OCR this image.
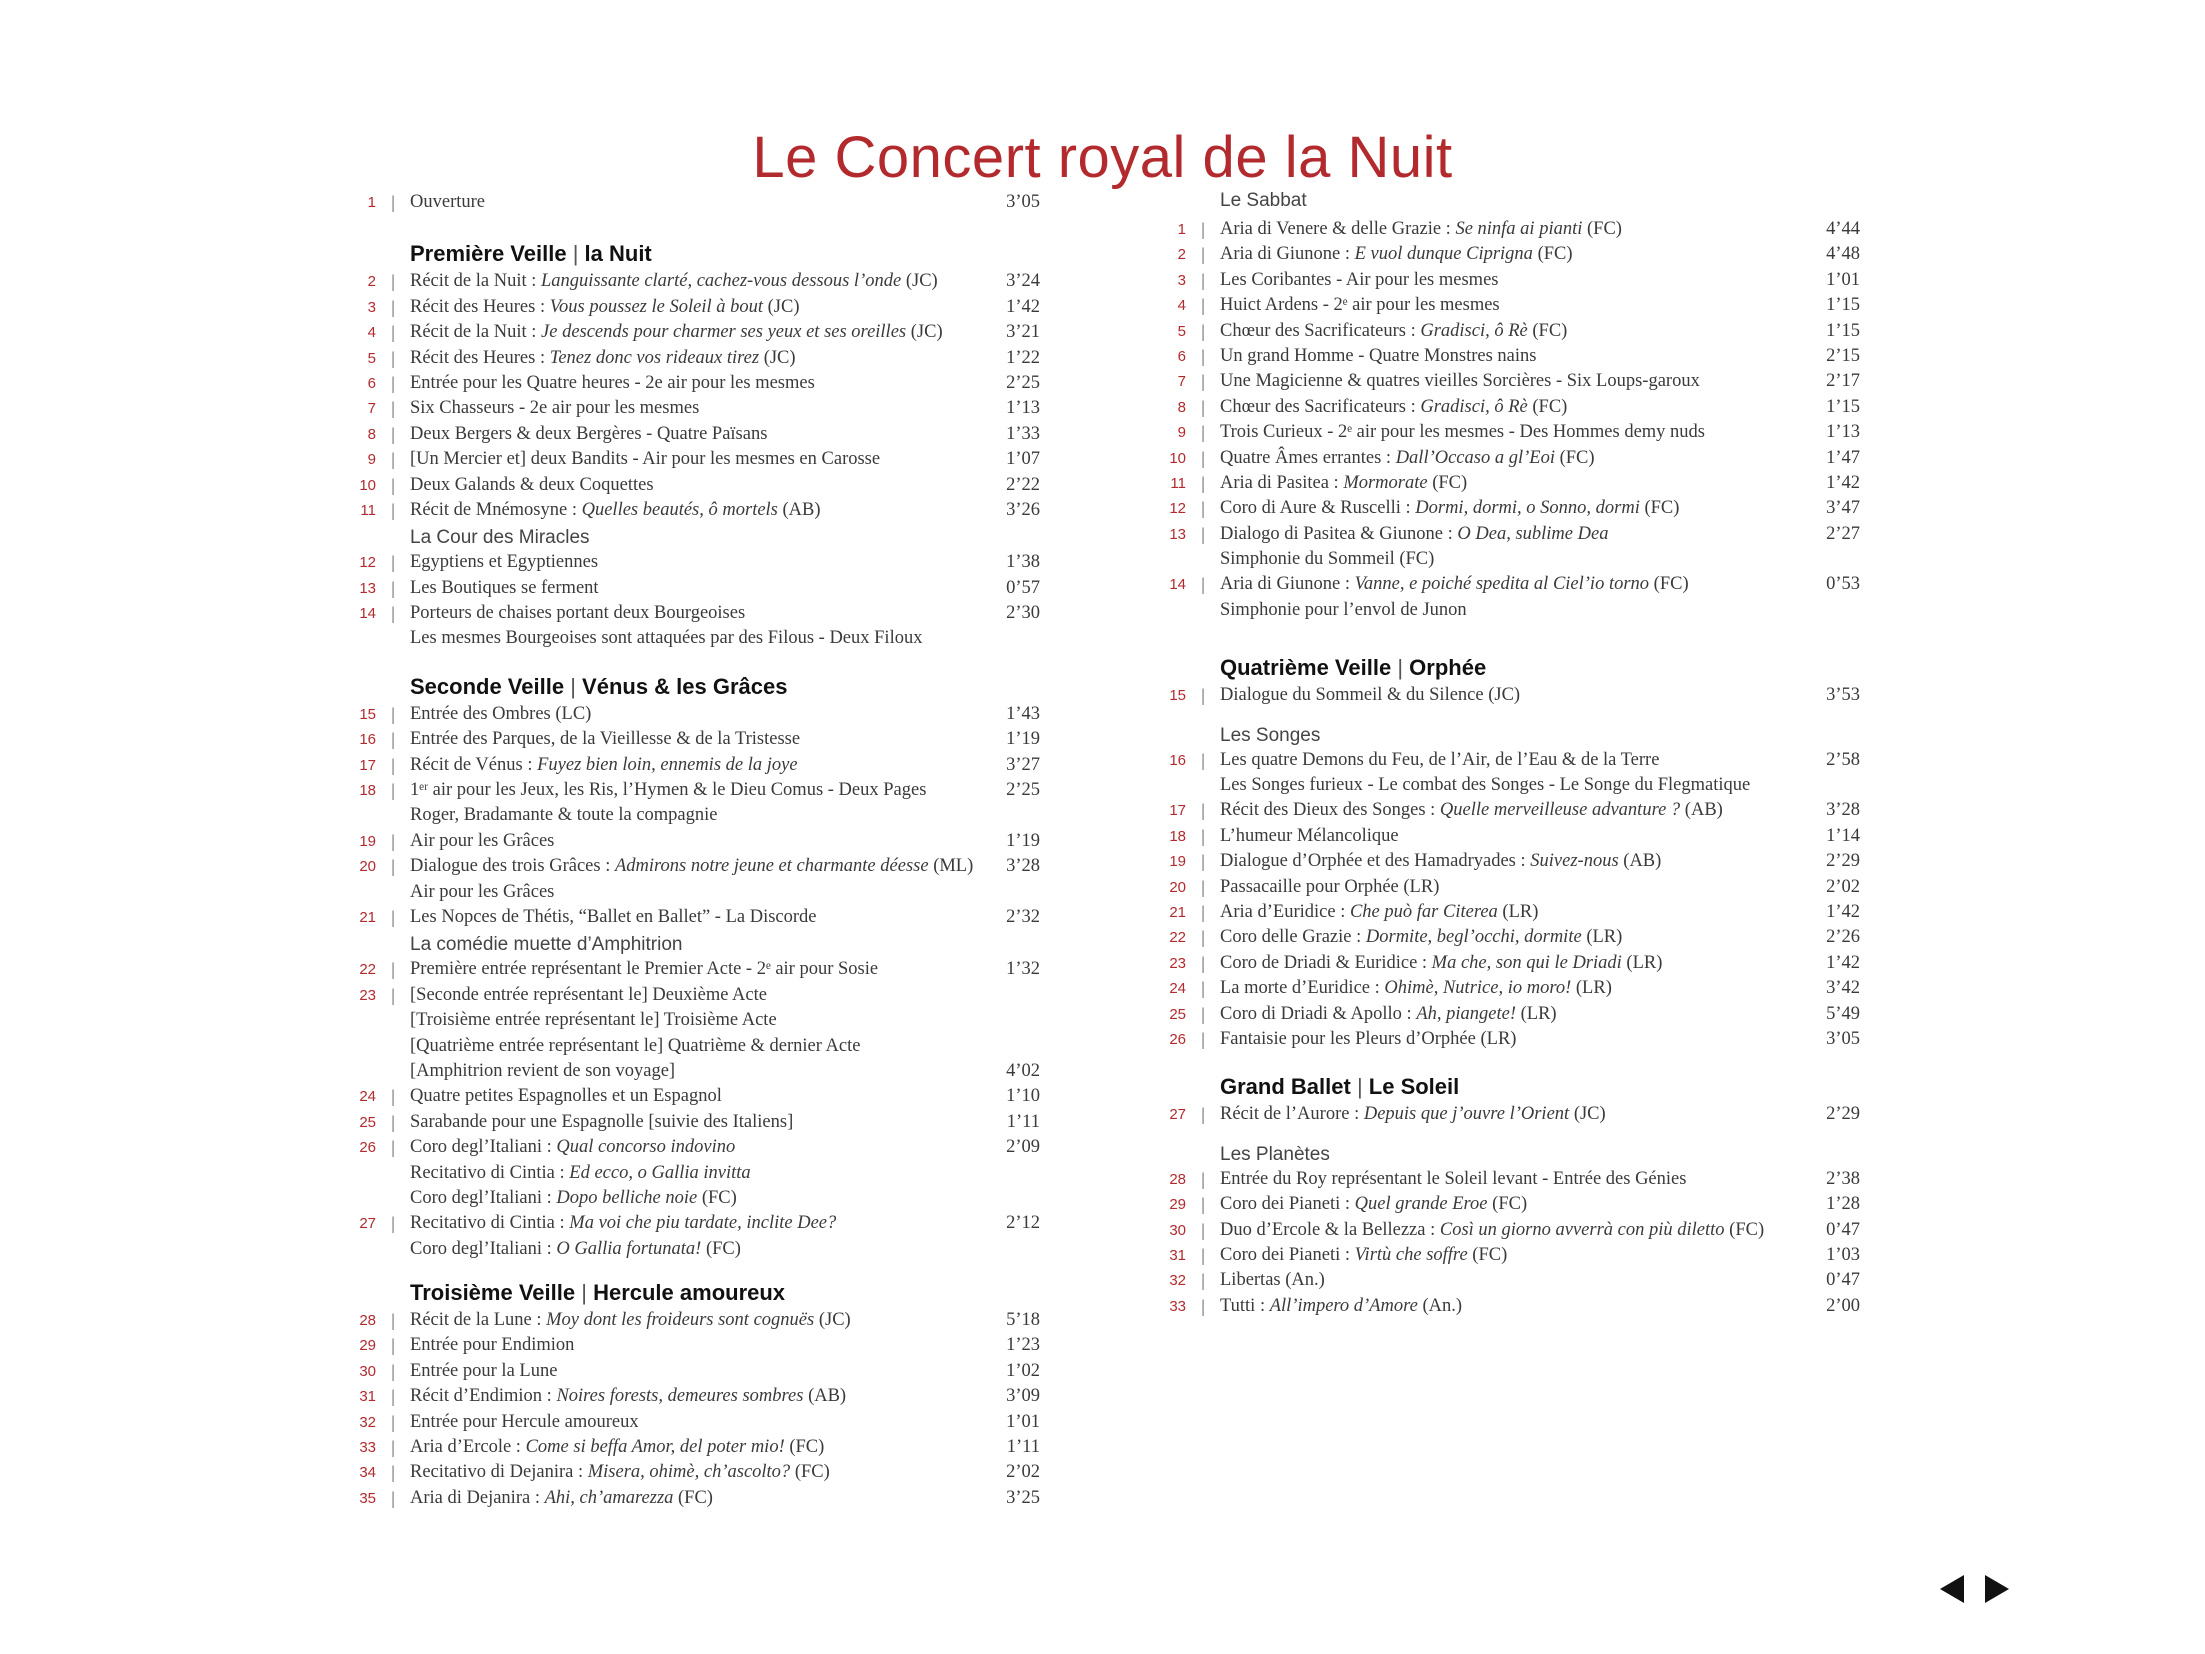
Le Concert royal de la Nuit
1 | Ouverture	3’05
Première Veille | la Nuit
2 | Récit de la Nuit : Languissante clarté, cachez-vous dessous l’onde (JC)	3’24
3 | Récit des Heures : Vous poussez le Soleil à bout (JC)	1’42
4 | Récit de la Nuit : Je descends pour charmer ses yeux et ses oreilles (JC)	3’21
5 | Récit des Heures : Tenez donc vos rideaux tirez (JC)	1’22
6 | Entrée pour les Quatre heures - 2e air pour les mesmes	2’25
7 | Six Chasseurs - 2e air pour les mesmes	1’13
8 | Deux Bergers & deux Bergères - Quatre Païsans	1’33
9 | [Un Mercier et] deux Bandits - Air pour les mesmes en Carosse	1’07
10 | Deux Galands & deux Coquettes	2’22
11 | Récit de Mnémosyne : Quelles beautés, ô mortels (AB)	3’26
La Cour des Miracles
12 | Egyptiens et Egyptiennes	1’38
13 | Les Boutiques se ferment	0’57
14 | Porteurs de chaises portant deux Bourgeoises	2’30
Les mesmes Bourgeoises sont attaquées par des Filous - Deux Filoux
Seconde Veille | Vénus & les Grâces
15 | Entrée des Ombres (LC)	1’43
16 | Entrée des Parques, de la Vieillesse & de la Tristesse	1’19
17 | Récit de Vénus : Fuyez bien loin, ennemis de la joye	3’27
18 | 1ᵉʳ air pour les Jeux, les Ris, l’Hymen & le Dieu Comus - Deux Pages	2’25
Roger, Bradamante & toute la compagnie
19 | Air pour les Grâces	1’19
20 | Dialogue des trois Grâces : Admirons notre jeune et charmante déesse (ML) 3’28
Air pour les Grâces
21 | Les Nopces de Thétis, “Ballet en Ballet” - La Discorde	2’32
La comédie muette d’Amphitrion
22 | Première entrée représentant le Premier Acte - 2ᵉ air pour Sosie	1’32
23 | [Seconde entrée représentant le] Deuxième Acte
[Troisième entrée représentant le] Troisième Acte
[Quatrième entrée représentant le] Quatrième & dernier Acte
[Amphitrion revient de son voyage]	4’02
24 | Quatre petites Espagnolles et un Espagnol	1’10
25 | Sarabande pour une Espagnolle [suivie des Italiens]	1’11
26 | Coro degl’Italiani : Qual concorso indovino	2’09
Recitativo di Cintia : Ed ecco, o Gallia invitta
Coro degl’Italiani : Dopo belliche noie (FC)
27 | Recitativo di Cintia : Ma voi che piu tardate, inclite Dee?	2’12
Coro degl’Italiani : O Gallia fortunata! (FC)
Troisième Veille | Hercule amoureux
28 | Récit de la Lune : Moy dont les froideurs sont cognuës (JC)	5’18
29 | Entrée pour Endimion	1’23
30 | Entrée pour la Lune	1’02
31 | Récit d’Endimion : Noires forests, demeures sombres (AB)	3’09
32 | Entrée pour Hercule amoureux	1’01
33 | Aria d’Ercole : Come si beffa Amor, del poter mio! (FC)	1’11
34 | Recitativo di Dejanira : Misera, ohimè, ch’ascolto? (FC)	2’02
35 | Aria di Dejanira : Ahi, ch’amarezza (FC)	3’25
Le Sabbat
1 | Aria di Venere & delle Grazie : Se ninfa ai pianti (FC)	4’44
2 | Aria di Giunone : E vuol dunque Ciprigna (FC)	4’48
3 | Les Coribantes - Air pour les mesmes	1’01
4 | Huict Ardens - 2ᵉ air pour les mesmes	1’15
5 | Chœur des Sacrificateurs : Gradisci, ô Rè (FC)	1’15
6 | Un grand Homme - Quatre Monstres nains	2’15
7 | Une Magicienne & quatres vieilles Sorcières - Six Loups-garoux	2’17
8 | Chœur des Sacrificateurs : Gradisci, ô Rè (FC)	1’15
9 | Trois Curieux - 2ᵉ air pour les mesmes - Des Hommes demy nuds	1’13
10 | Quatre Âmes errantes : Dall’Occaso a gl’Eoi (FC)	1’47
11 | Aria di Pasitea : Mormorate (FC)	1’42
12 | Coro di Aure & Ruscelli : Dormi, dormi, o Sonno, dormi (FC)	3’47
13 | Dialogo di Pasitea & Giunone : O Dea, sublime Dea	2’27
Simphonie du Sommeil (FC)
14 | Aria di Giunone : Vanne, e poiché spedita al Ciel’io torno (FC)	0’53
Simphonie pour l’envol de Junon
Quatrième Veille | Orphée
15 | Dialogue du Sommeil & du Silence (JC)	3’53
Les Songes
16 | Les quatre Demons du Feu, de l’Air, de l’Eau & de la Terre	2’58
Les Songes furieux - Le combat des Songes - Le Songe du Flegmatique
17 | Récit des Dieux des Songes : Quelle merveilleuse advanture ? (AB)	3’28
18 | L’humeur Mélancolique	1’14
19 | Dialogue d’Orphée et des Hamadryades : Suivez-nous (AB)	2’29
20 | Passacaille pour Orphée (LR)	2’02
21 | Aria d’Euridice : Che può far Citerea (LR)	1’42
22 | Coro delle Grazie : Dormite, begl’occhi, dormite (LR)	2’26
23 | Coro de Driadi & Euridice : Ma che, son qui le Driadi (LR)	1’42
24 | La morte d’Euridice : Ohimè, Nutrice, io moro! (LR)	3’42
25 | Coro di Driadi & Apollo : Ah, piangete! (LR)	5’49
26 | Fantaisie pour les Pleurs d’Orphée (LR)	3’05
Grand Ballet | Le Soleil
27 | Récit de l’Aurore : Depuis que j’ouvre l’Orient (JC)	2’29
Les Planètes
28 | Entrée du Roy représentant le Soleil levant - Entrée des Génies	2’38
29 | Coro dei Pianeti : Quel grande Eroe (FC)	1’28
30 | Duo d’Ercole & la Bellezza : Così un giorno avverrà con più diletto (FC)	0’47
31 | Coro dei Pianeti : Virtù che soffre (FC)	1’03
32 | Libertas (An.)	0’47
33 | Tutti : All’impero d’Amore (An.)	2’00
